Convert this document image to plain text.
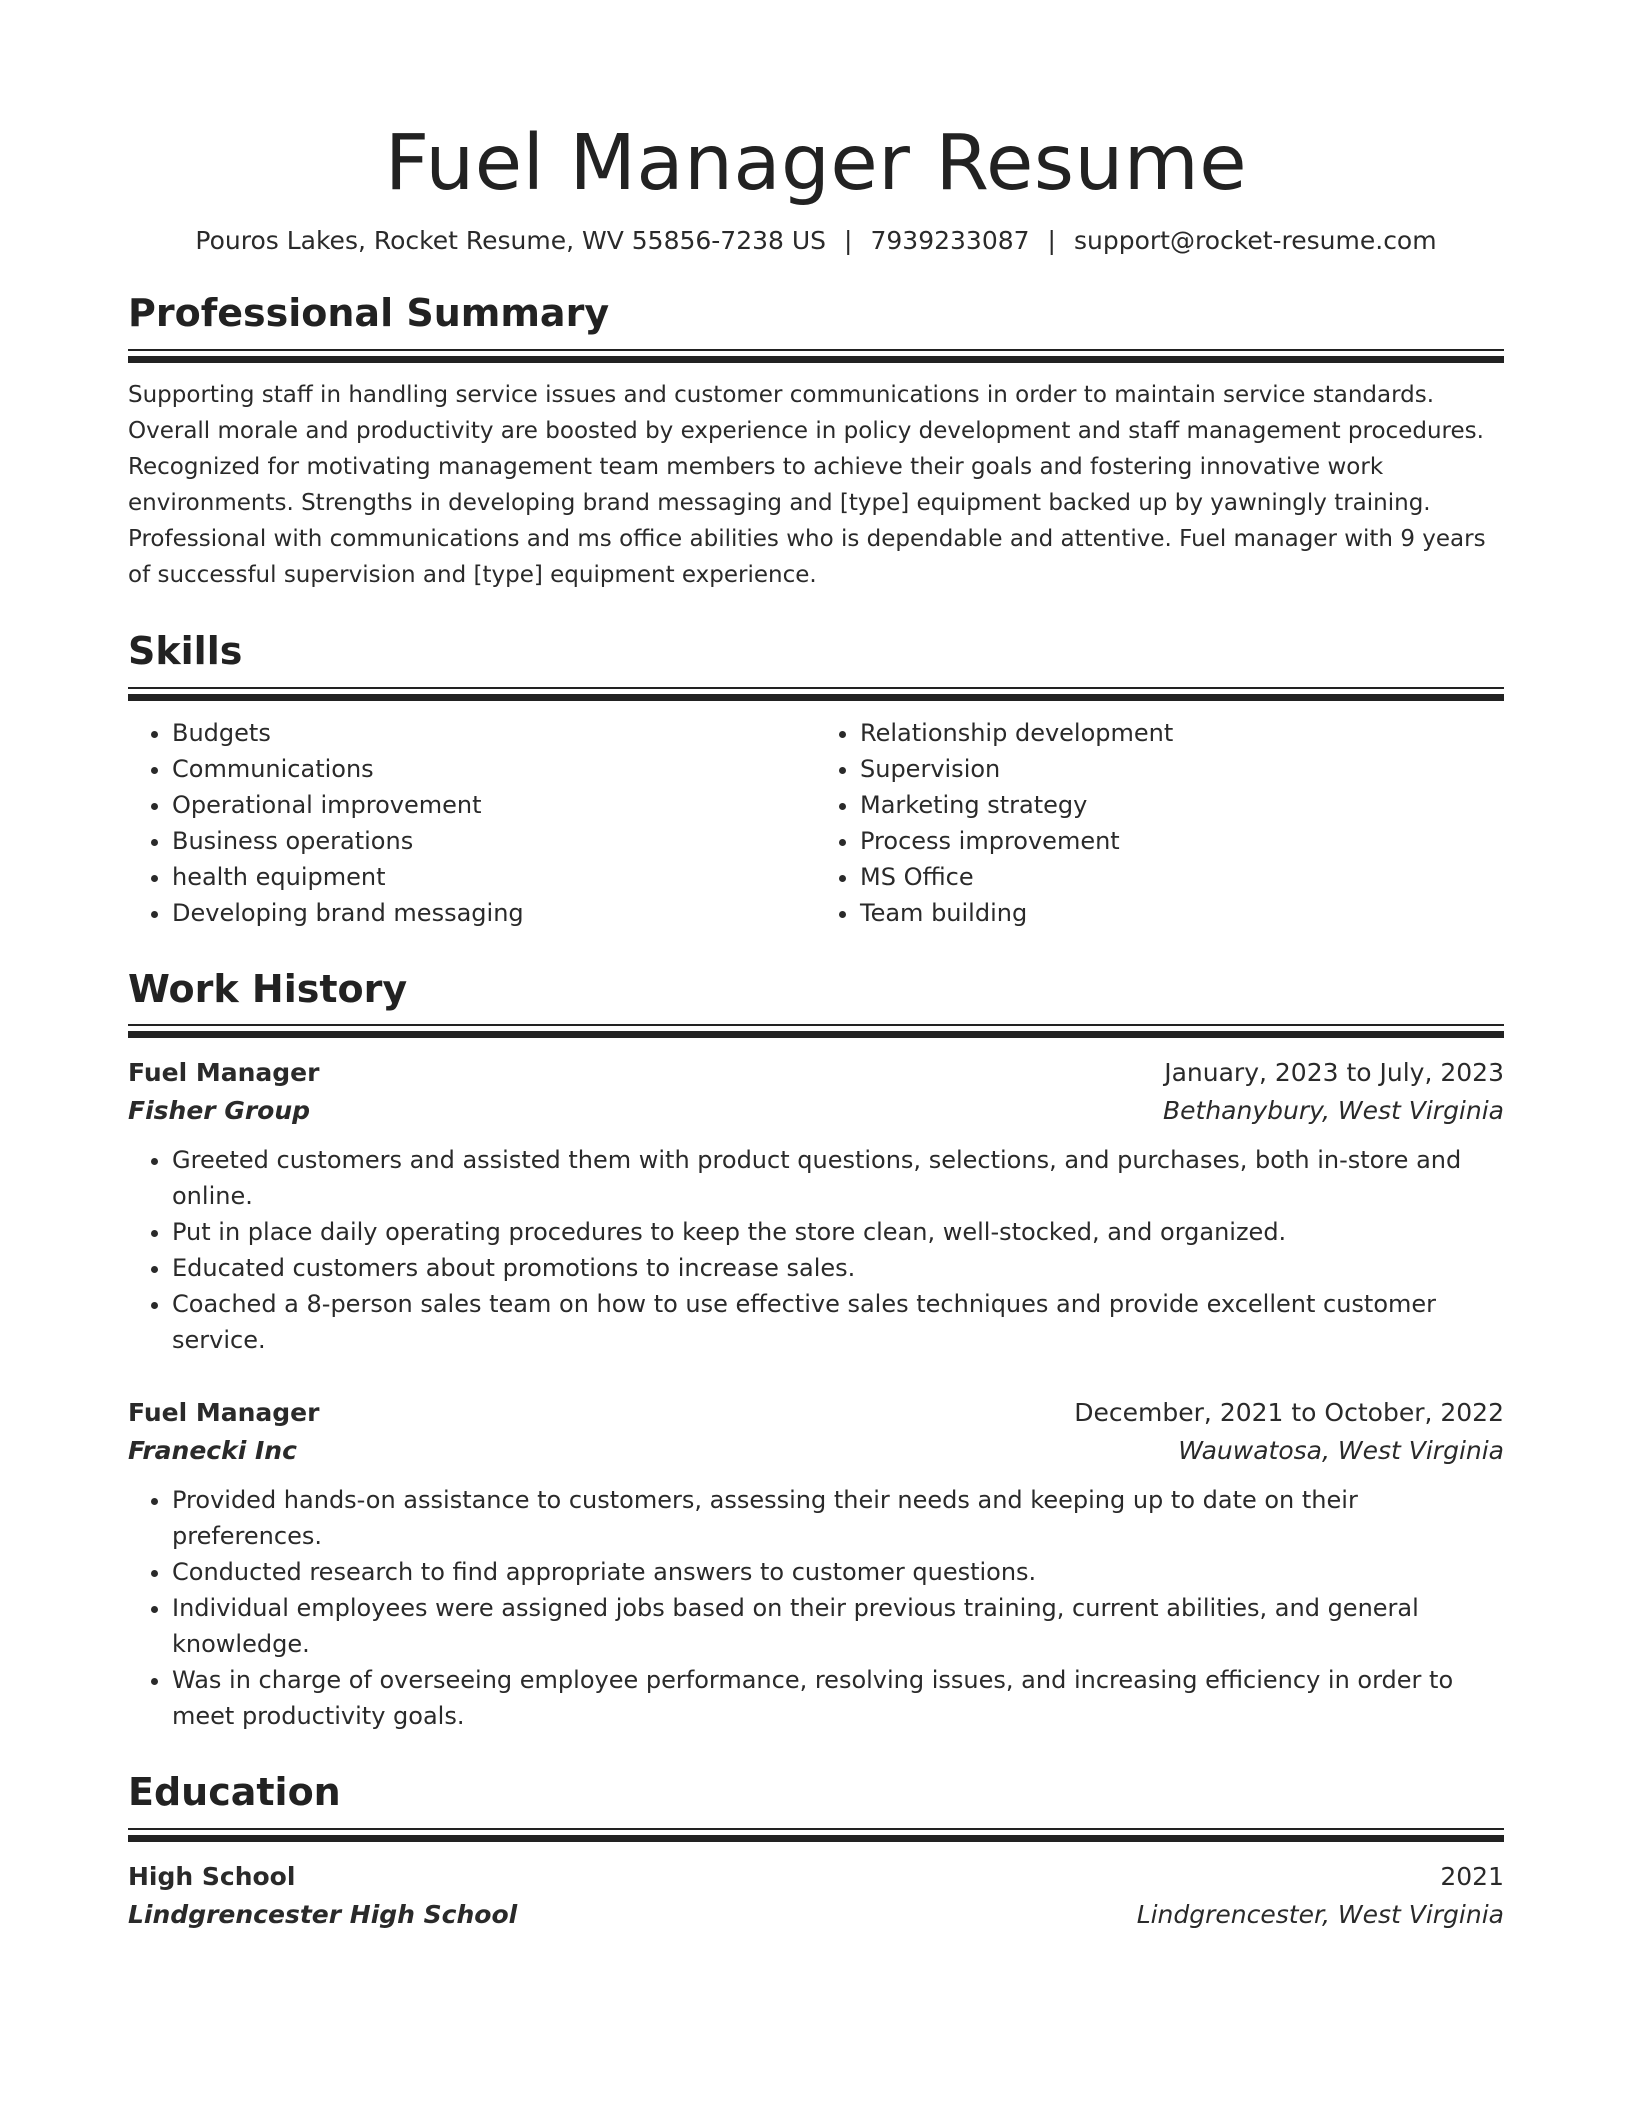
Fuel Manager Resume
Pouros Lakes, Rocket Resume, WV 55856-7238 US | 7939233087 | support@rocket-resume.com
Professional Summary
Supporting staff in handling service issues and customer communications in order to maintain service standards. Overall morale and productivity are boosted by experience in policy development and staff management procedures. Recognized for motivating management team members to achieve their goals and fostering innovative work environments. Strengths in developing brand messaging and [type] equipment backed up by yawningly training. Professional with communications and ms office abilities who is dependable and attentive. Fuel manager with 9 years of successful supervision and [type] equipment experience.
Skills
• Budgets
• Communications
• Operational improvement
• Business operations
• health equipment
• Developing brand messaging
• Relationship development
• Supervision
• Marketing strategy
• Process improvement
• MS Office
• Team building
Work History
Fuel Manager	January, 2023 to July, 2023
Fisher Group	Bethanybury, West Virginia
• Greeted customers and assisted them with product questions, selections, and purchases, both in-store and online.
• Put in place daily operating procedures to keep the store clean, well-stocked, and organized.
• Educated customers about promotions to increase sales.
• Coached a 8-person sales team on how to use effective sales techniques and provide excellent customer service.
Fuel Manager	December, 2021 to October, 2022
Franecki Inc	Wauwatosa, West Virginia
• Provided hands-on assistance to customers, assessing their needs and keeping up to date on their preferences.
• Conducted research to find appropriate answers to customer questions.
• Individual employees were assigned jobs based on their previous training, current abilities, and general knowledge.
• Was in charge of overseeing employee performance, resolving issues, and increasing efficiency in order to meet productivity goals.
Education
High School	2021
Lindgrencester High School	Lindgrencester, West Virginia
